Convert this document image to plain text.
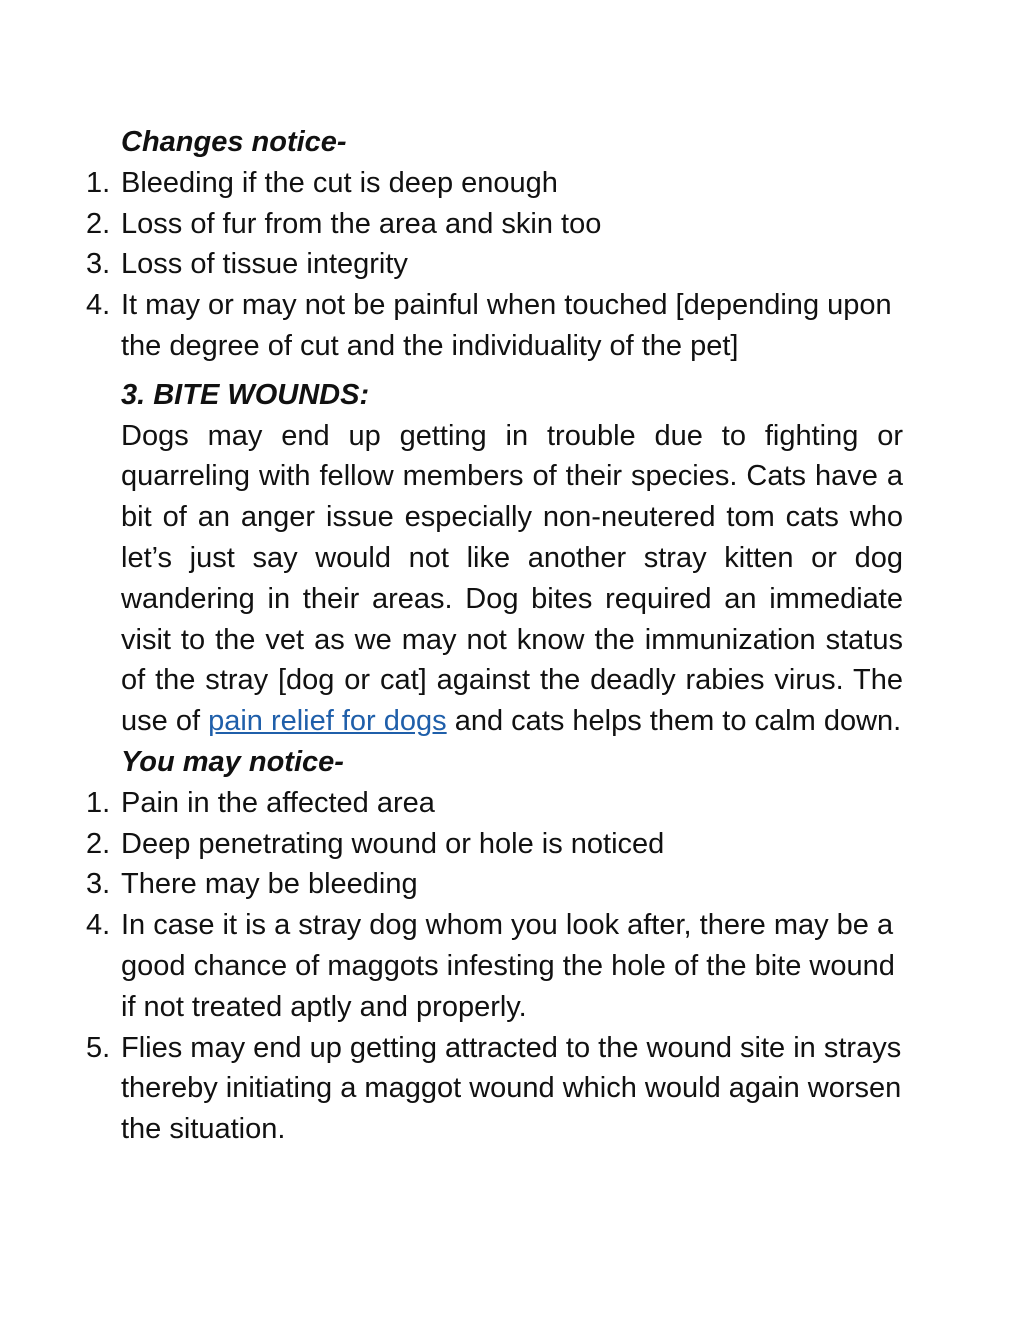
Changes notice-

1. Bleeding if the cut is deep enough
2. Loss of fur from the area and skin too
3. Loss of tissue integrity
4. It may or may not be painful when touched [depending upon the degree of cut and the individuality of the pet]

3. BITE WOUNDS:

Dogs may end up getting in trouble due to fighting or quarreling with fellow members of their species. Cats have a bit of an anger issue especially non-neutered tom cats who let’s just say would not like another stray kitten or dog wandering in their areas. Dog bites required an immediate visit to the vet as we may not know the immunization status of the stray [dog or cat] against the deadly rabies virus. The use of pain relief for dogs and cats helps them to calm down.

You may notice-

1. Pain in the affected area
2. Deep penetrating wound or hole is noticed
3. There may be bleeding
4. In case it is a stray dog whom you look after, there may be a good chance of maggots infesting the hole of the bite wound if not treated aptly and properly.
5. Flies may end up getting attracted to the wound site in strays thereby initiating a maggot wound which would again worsen the situation.
